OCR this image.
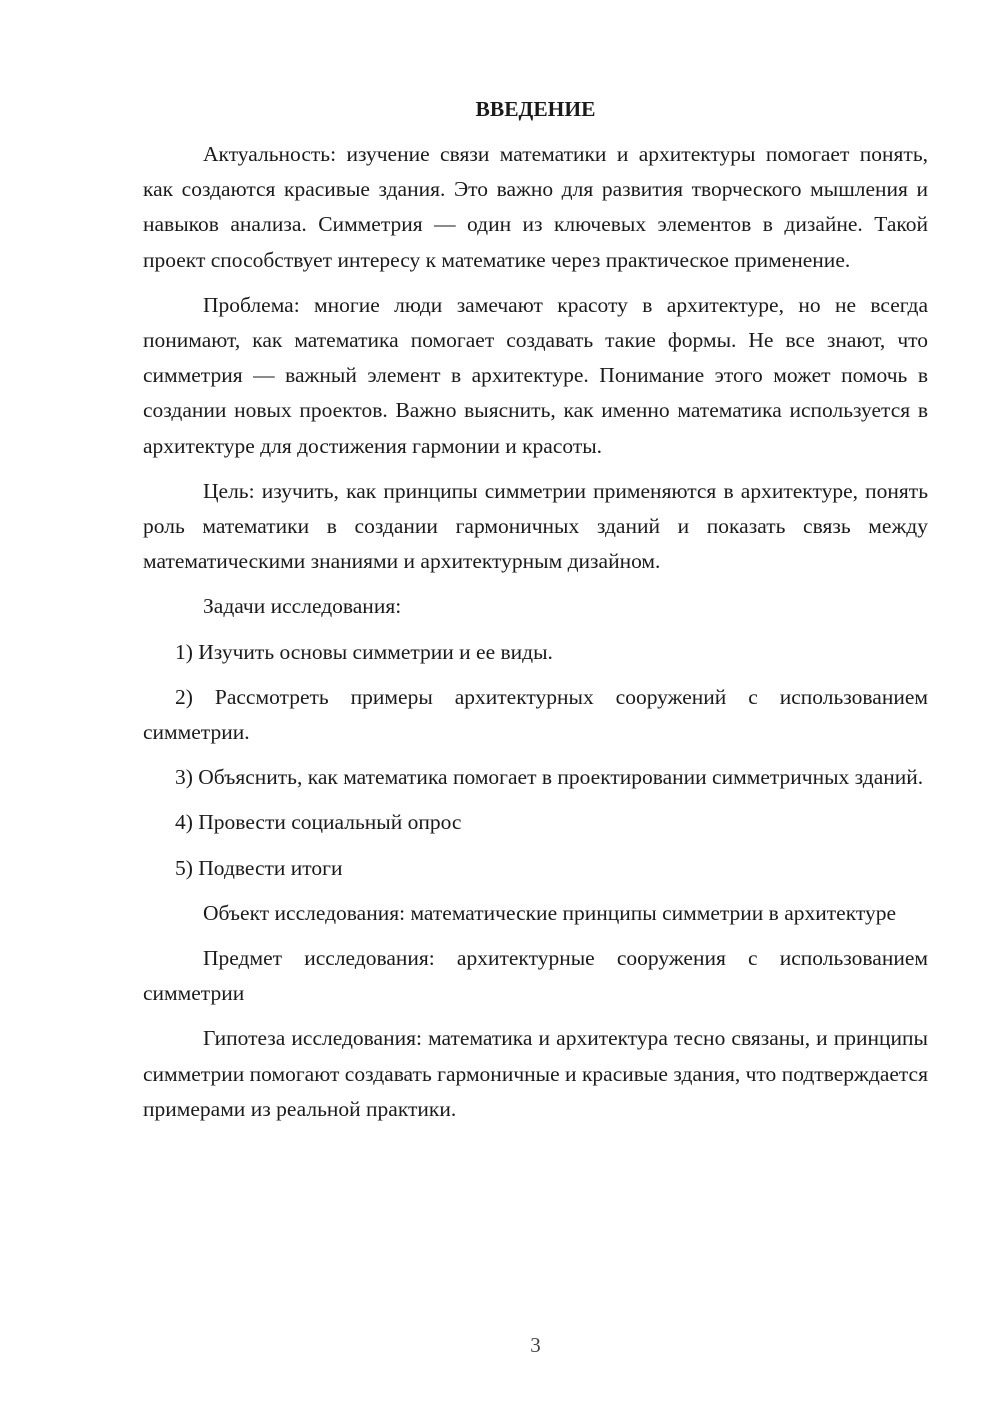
ВВЕДЕНИЕ

Актуальность: изучение связи математики и архитектуры помогает понять, как создаются красивые здания. Это важно для развития творческого мышления и навыков анализа. Симметрия — один из ключевых элементов в дизайне. Такой проект способствует интересу к математике через практическое применение.

Проблема: многие люди замечают красоту в архитектуре, но не всегда понимают, как математика помогает создавать такие формы. Не все знают, что симметрия — важный элемент в архитектуре. Понимание этого может помочь в создании новых проектов. Важно выяснить, как именно математика используется в архитектуре для достижения гармонии и красоты.

Цель: изучить, как принципы симметрии применяются в архитектуре, понять роль математики в создании гармоничных зданий и показать связь между математическими знаниями и архитектурным дизайном.

Задачи исследования:

1) Изучить основы симметрии и ее виды.

2) Рассмотреть примеры архитектурных сооружений с использованием симметрии.

3) Объяснить, как математика помогает в проектировании симметричных зданий.

4) Провести социальный опрос

5) Подвести итоги

Объект исследования: математические принципы симметрии в архитектуре

Предмет исследования: архитектурные сооружения с использованием симметрии

Гипотеза исследования: математика и архитектура тесно связаны, и принципы симметрии помогают создавать гармоничные и красивые здания, что подтверждается примерами из реальной практики.

3
